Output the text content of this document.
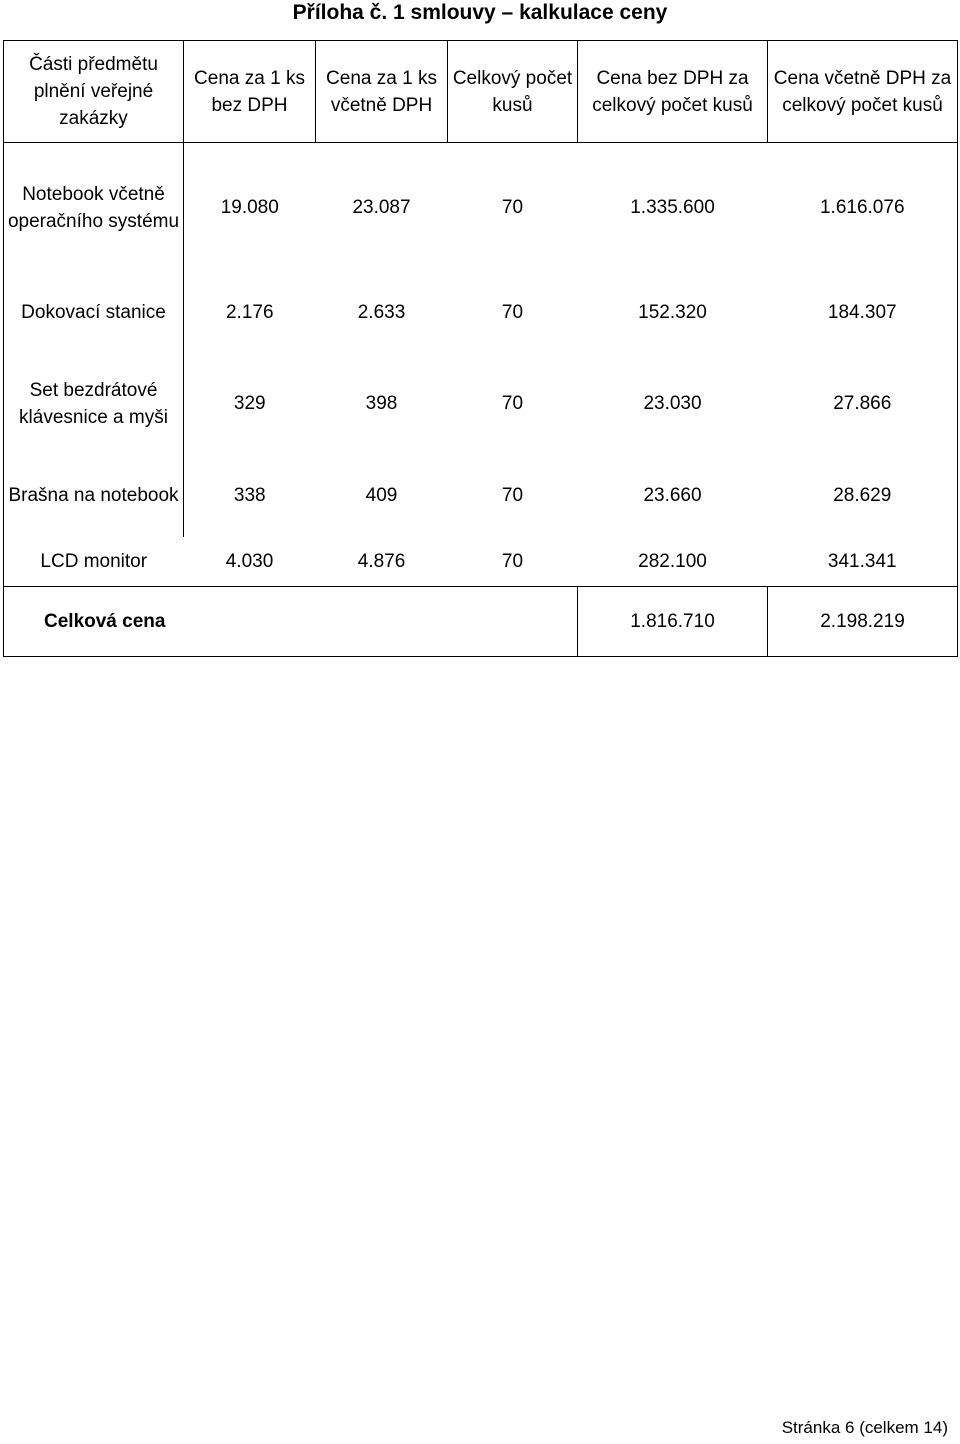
Příloha č. 1 smlouvy – kalkulace ceny
Části předmětu plnění veřejné zakázky	Cena za 1 ks bez DPH	Cena za 1 ks včetně DPH	Celkový počet kusů	Cena bez DPH za celkový počet kusů	Cena včetně DPH za celkový počet kusů
Notebook včetně operačního systému	19.080	23.087	70	1.335.600	1.616.076
Dokovací stanice	2.176	2.633	70	152.320	184.307
Set bezdrátové klávesnice a myši	329	398	70	23.030	27.866
Brašna na notebook	338	409	70	23.660	28.629
LCD monitor	4.030	4.876	70	282.100	341.341
Celková cena				1.816.710	2.198.219
Stránka 6 (celkem 14)
